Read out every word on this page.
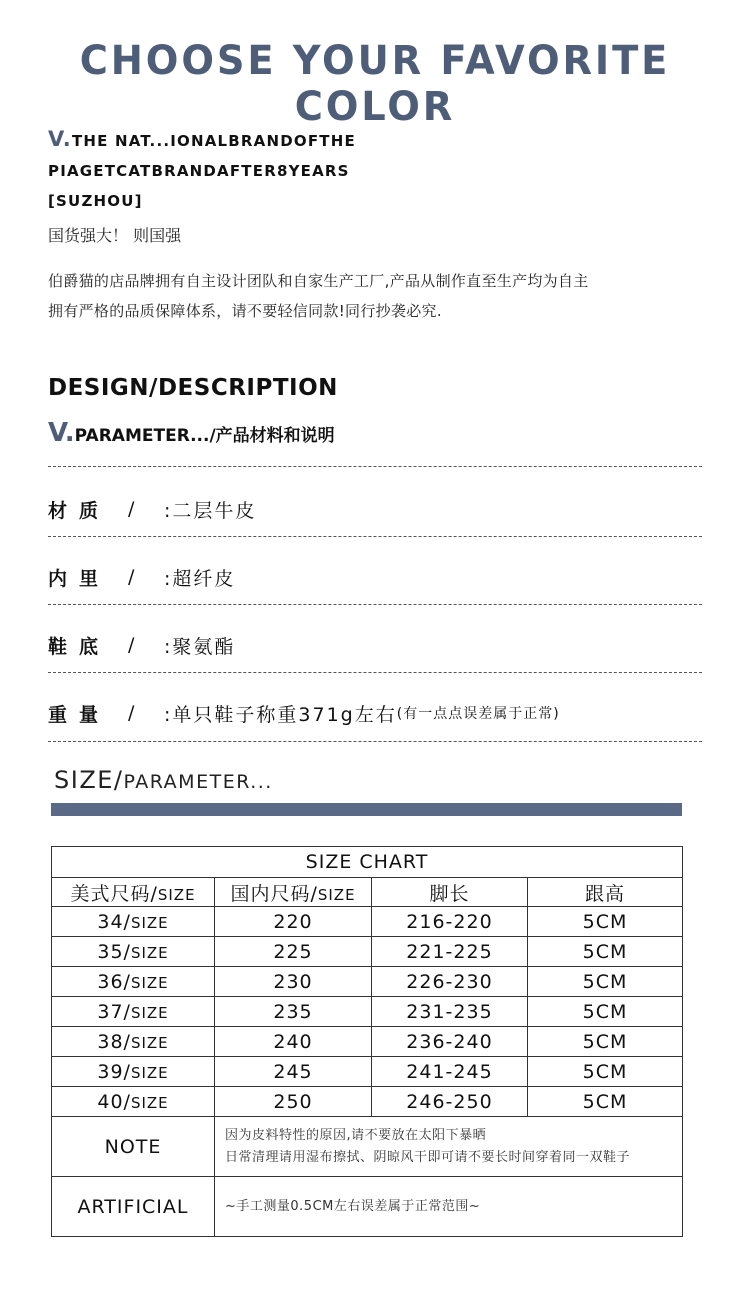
CHOOSE YOUR FAVORITE COLOR
V.THE NAT...IONALBRANDOFTHE
PIAGETCATBRANDAFTER8YEARS
[SUZHOU]
国货强大！ 则国强
伯爵猫的店品牌拥有自主设计团队和自家生产工厂,产品从制作直至生产均为自主
拥有严格的品质保障体系，请不要轻信同款!同行抄袭必究.
DESIGN/DESCRIPTION
V.PARAMETER.../产品材料和说明
材质 /	:二层牛皮
内里 /	:超纤皮
鞋底 /	:聚氨酯
重量 /	:单只鞋子称重371g左右 (有一点点误差属于正常)
SIZE/PARAMETER...
SIZE CHART			
美式尺码/SIZE	国内尺码/SIZE	脚长	跟高
34/SIZE	220	216-220	5CM
35/SIZE	225	221-225	5CM
36/SIZE	230	226-230	5CM
37/SIZE	235	231-235	5CM
38/SIZE	240	236-240	5CM
39/SIZE	245	241-245	5CM
40/SIZE	250	246-250	5CM
NOTE	因为皮料特性的原因,请不要放在太阳下暴晒
日常清理请用湿布擦拭、阴晾风干即可请不要长时间穿着同一双鞋子		

ARTIFICIAL	~手工测量0.5CM左右误差属于正常范围~		
